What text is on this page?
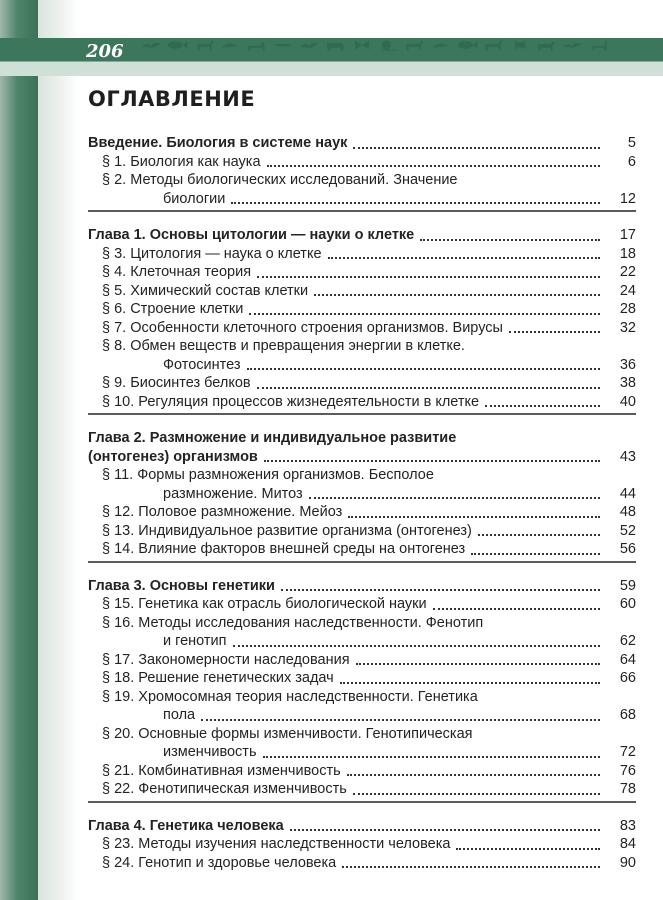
206
ОГЛАВЛЕНИЕ
Введение. Биология в системе наук	5
§ 1. Биология как наука	6
§ 2. Методы биологических исследований. Значение
биологии	12
Глава 1. Основы цитологии — науки о клетке	17
§ 3. Цитология — наука о клетке	18
§ 4. Клеточная теория	22
§ 5. Химический состав клетки	24
§ 6. Строение клетки	28
§ 7. Особенности клеточного строения организмов. Вирусы	32
§ 8. Обмен веществ и превращения энергии в клетке.
Фотосинтез	36
§ 9. Биосинтез белков	38
§ 10. Регуляция процессов жизнедеятельности в клетке	40
Глава 2. Размножение и индивидуальное развитие
(онтогенез) организмов	43
§ 11. Формы размножения организмов. Бесполое
размножение. Митоз	44
§ 12. Половое размножение. Мейоз	48
§ 13. Индивидуальное развитие организма (онтогенез)	52
§ 14. Влияние факторов внешней среды на онтогенез	56
Глава 3. Основы генетики	59
§ 15. Генетика как отрасль биологической науки	60
§ 16. Методы исследования наследственности. Фенотип
и генотип	62
§ 17. Закономерности наследования	64
§ 18. Решение генетических задач	66
§ 19. Хромосомная теория наследственности. Генетика
пола	68
§ 20. Основные формы изменчивости. Генотипическая
изменчивость	72
§ 21. Комбинативная изменчивость	76
§ 22. Фенотипическая изменчивость	78
Глава 4. Генетика человека	83
§ 23. Методы изучения наследственности человека	84
§ 24. Генотип и здоровье человека	90
